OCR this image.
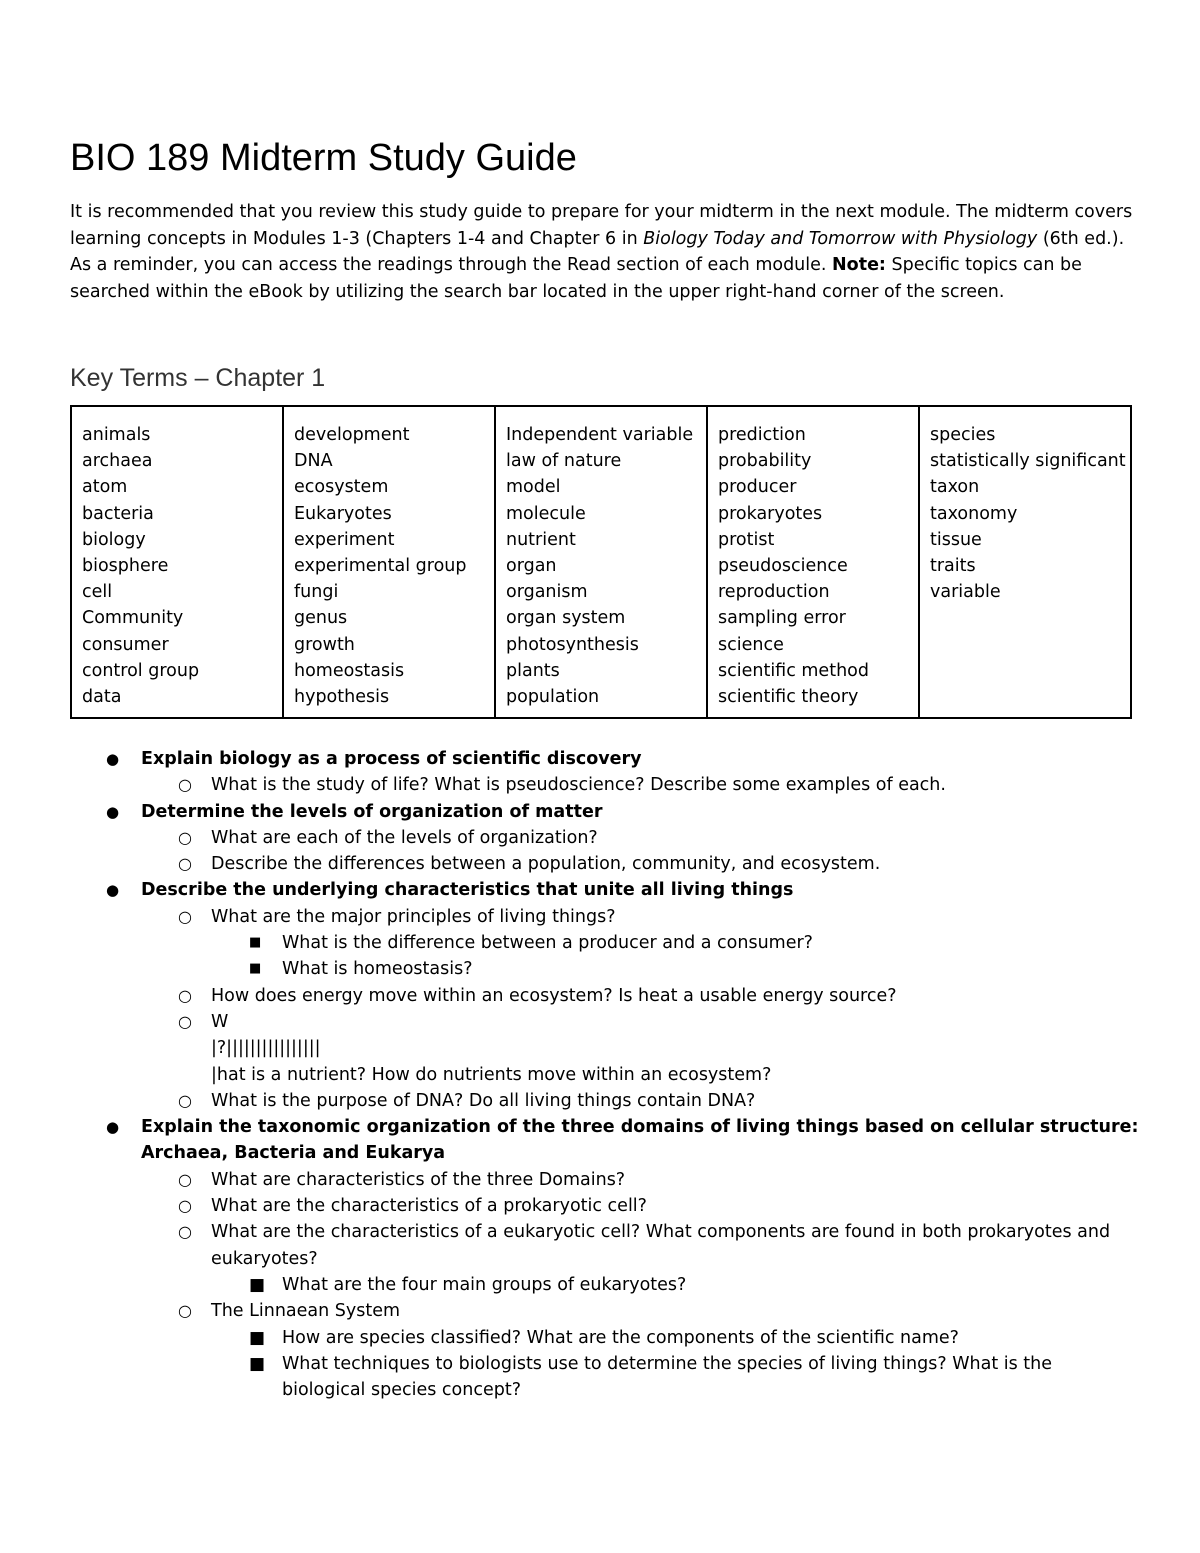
BIO 189 Midterm Study Guide

It is recommended that you review this study guide to prepare for your midterm in the next module. The midterm covers learning concepts in Modules 1-3 (Chapters 1-4 and Chapter 6 in Biology Today and Tomorrow with Physiology (6th ed.).

As a reminder, you can access the readings through the Read section of each module. Note: Specific topics can be searched within the eBook by utilizing the search bar located in the upper right-hand corner of the screen.

Key Terms – Chapter 1
animals
archaea
atom
bacteria
biology
biosphere
cell
Community
consumer
control group
data

development
DNA
ecosystem
Eukaryotes
experiment
experimental group
fungi
genus
growth
homeostasis
hypothesis

Independent variable
law of nature
model
molecule
nutrient
organ
organism
organ system
photosynthesis
plants
population

prediction
probability
producer
prokaryotes
protist
pseudoscience
reproduction
sampling error
science
scientific method
scientific theory

species
statistically significant
taxon
taxonomy
tissue
traits
variable
● Explain biology as a process of scientific discovery
○ What is the study of life? What is pseudoscience? Describe some examples of each.
● Determine the levels of organization of matter
○ What are each of the levels of organization?
○ Describe the differences between a population, community, and ecosystem.
● Describe the underlying characteristics that unite all living things
○ What are the major principles of living things?
■ What is the difference between a producer and a consumer?
■ What is homeostasis?
○ How does energy move within an ecosystem? Is heat a usable energy source?
○ W
|?||||||||||||||||
|hat is a nutrient? How do nutrients move within an ecosystem?
○ What is the purpose of DNA? Do all living things contain DNA?
● Explain the taxonomic organization of the three domains of living things based on cellular structure: Archaea, Bacteria and Eukarya
○ What are characteristics of the three Domains?
○ What are the characteristics of a prokaryotic cell?
○ What are the characteristics of a eukaryotic cell? What components are found in both prokaryotes and eukaryotes?
■ What are the four main groups of eukaryotes?
○ The Linnaean System
■ How are species classified? What are the components of the scientific name?
■ What techniques to biologists use to determine the species of living things? What is the biological species concept?
